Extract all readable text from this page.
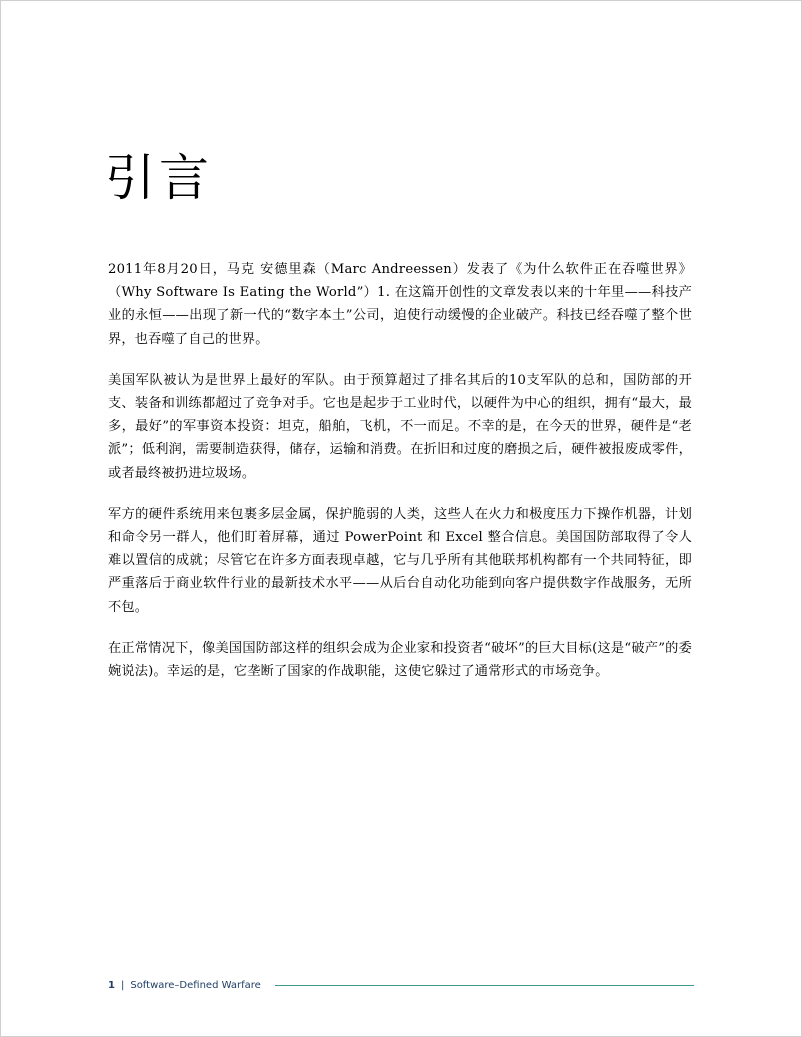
引言

2011年8月20日，马克 安德里森（Marc Andreessen）发表了《为什么软件正在吞噬世界》（Why Software Is Eating the World”）1. 在这篇开创性的文章发表以来的十年里——科技产业的永恒——出现了新一代的“数字本土”公司，迫使行动缓慢的企业破产。科技已经吞噬了整个世界，也吞噬了自己的世界。

美国军队被认为是世界上最好的军队。由于预算超过了排名其后的10支军队的总和，国防部的开支、装备和训练都超过了竞争对手。它也是起步于工业时代，以硬件为中心的组织，拥有“最大，最多，最好”的军事资本投资：坦克，船舶，飞机，不一而足。不幸的是，在今天的世界，硬件是“老派”；低利润，需要制造获得，储存，运输和消费。在折旧和过度的磨损之后，硬件被报废成零件，或者最终被扔进垃圾场。

军方的硬件系统用来包裹多层金属，保护脆弱的人类，这些人在火力和极度压力下操作机器，计划和命令另一群人，他们盯着屏幕，通过 PowerPoint 和 Excel 整合信息。美国国防部取得了令人难以置信的成就；尽管它在许多方面表现卓越，它与几乎所有其他联邦机构都有一个共同特征，即严重落后于商业软件行业的最新技术水平——从后台自动化功能到向客户提供数字作战服务，无所不包。

在正常情况下，像美国国防部这样的组织会成为企业家和投资者“破坏”的巨大目标(这是“破产”的委婉说法)。幸运的是，它垄断了国家的作战职能，这使它躲过了通常形式的市场竞争。

1 | Software–Defined Warfare
